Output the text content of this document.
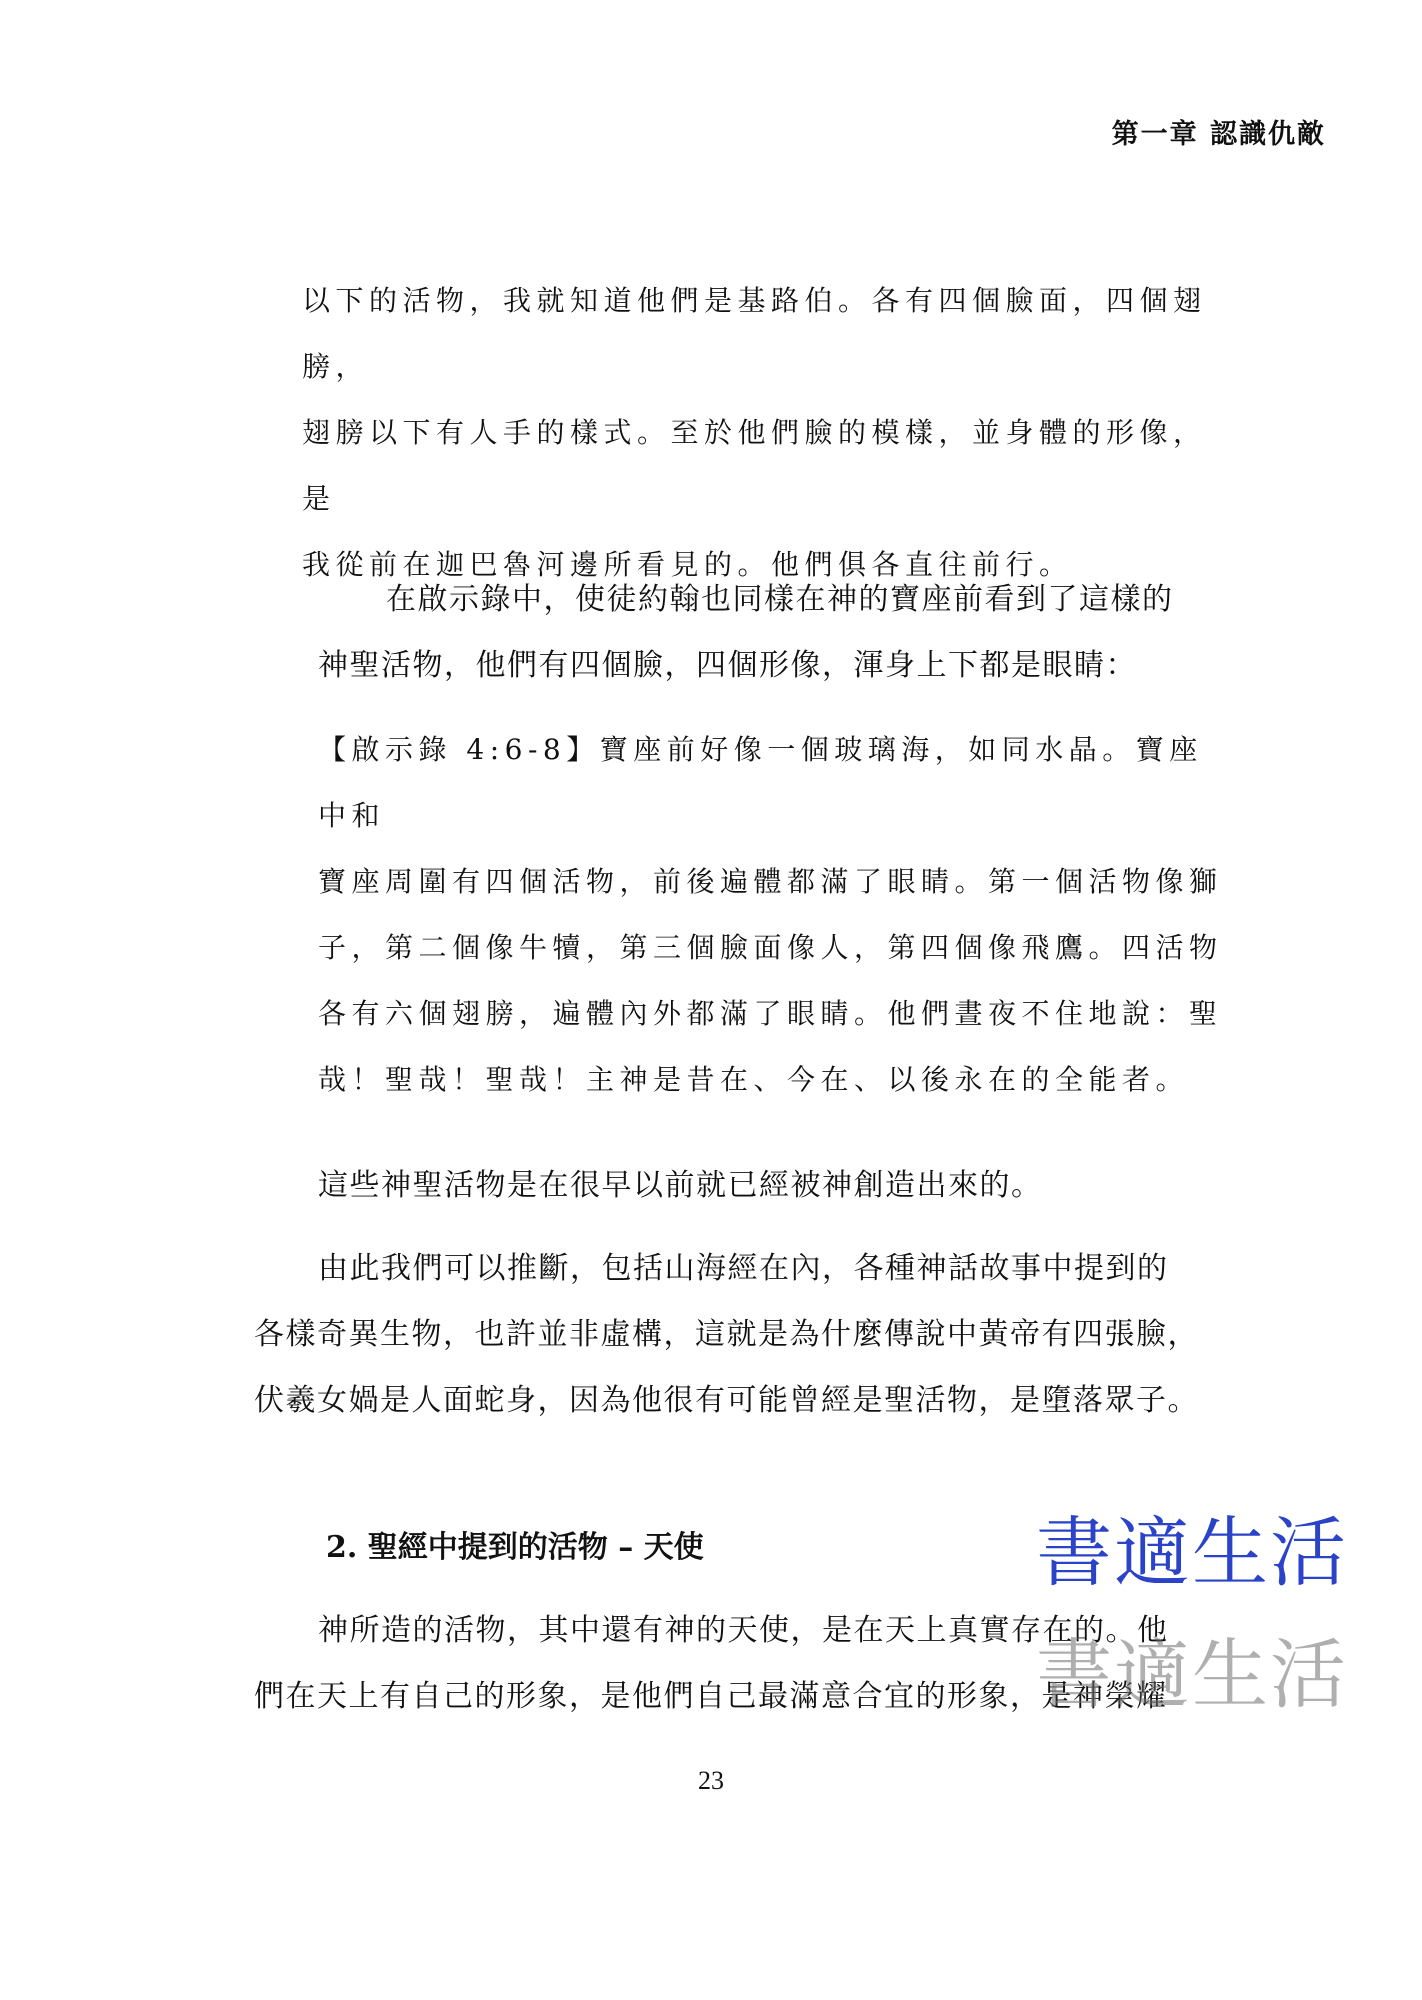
第一章 認識仇敵

以下的活物，我就知道他們是基路伯。各有四個臉面，四個翅膀，

翅膀以下有人手的樣式。至於他們臉的模樣，並身體的形像，是

我從前在迦巴魯河邊所看見的。他們俱各直往前行。

在啟示錄中，使徒約翰也同樣在神的寶座前看到了這樣的

神聖活物，他們有四個臉，四個形像，渾身上下都是眼睛：

【啟示錄 4:6-8】寶座前好像一個玻璃海，如同水晶。寶座中和

寶座周圍有四個活物，前後遍體都滿了眼睛。第一個活物像獅

子，第二個像牛犢，第三個臉面像人，第四個像飛鷹。四活物

各有六個翅膀，遍體內外都滿了眼睛。他們晝夜不住地說：聖

哉！聖哉！聖哉！主神是昔在、今在、以後永在的全能者。

這些神聖活物是在很早以前就已經被神創造出來的。

由此我們可以推斷，包括山海經在內，各種神話故事中提到的

各樣奇異生物，也許並非虛構，這就是為什麼傳說中黃帝有四張臉，

伏羲女媧是人面蛇身，因為他很有可能曾經是聖活物，是墮落眾子。

2. 聖經中提到的活物 – 天使

神所造的活物，其中還有神的天使，是在天上真實存在的。他

們在天上有自己的形象，是他們自己最滿意合宜的形象，是神榮耀

書適生活
書適生活
23
